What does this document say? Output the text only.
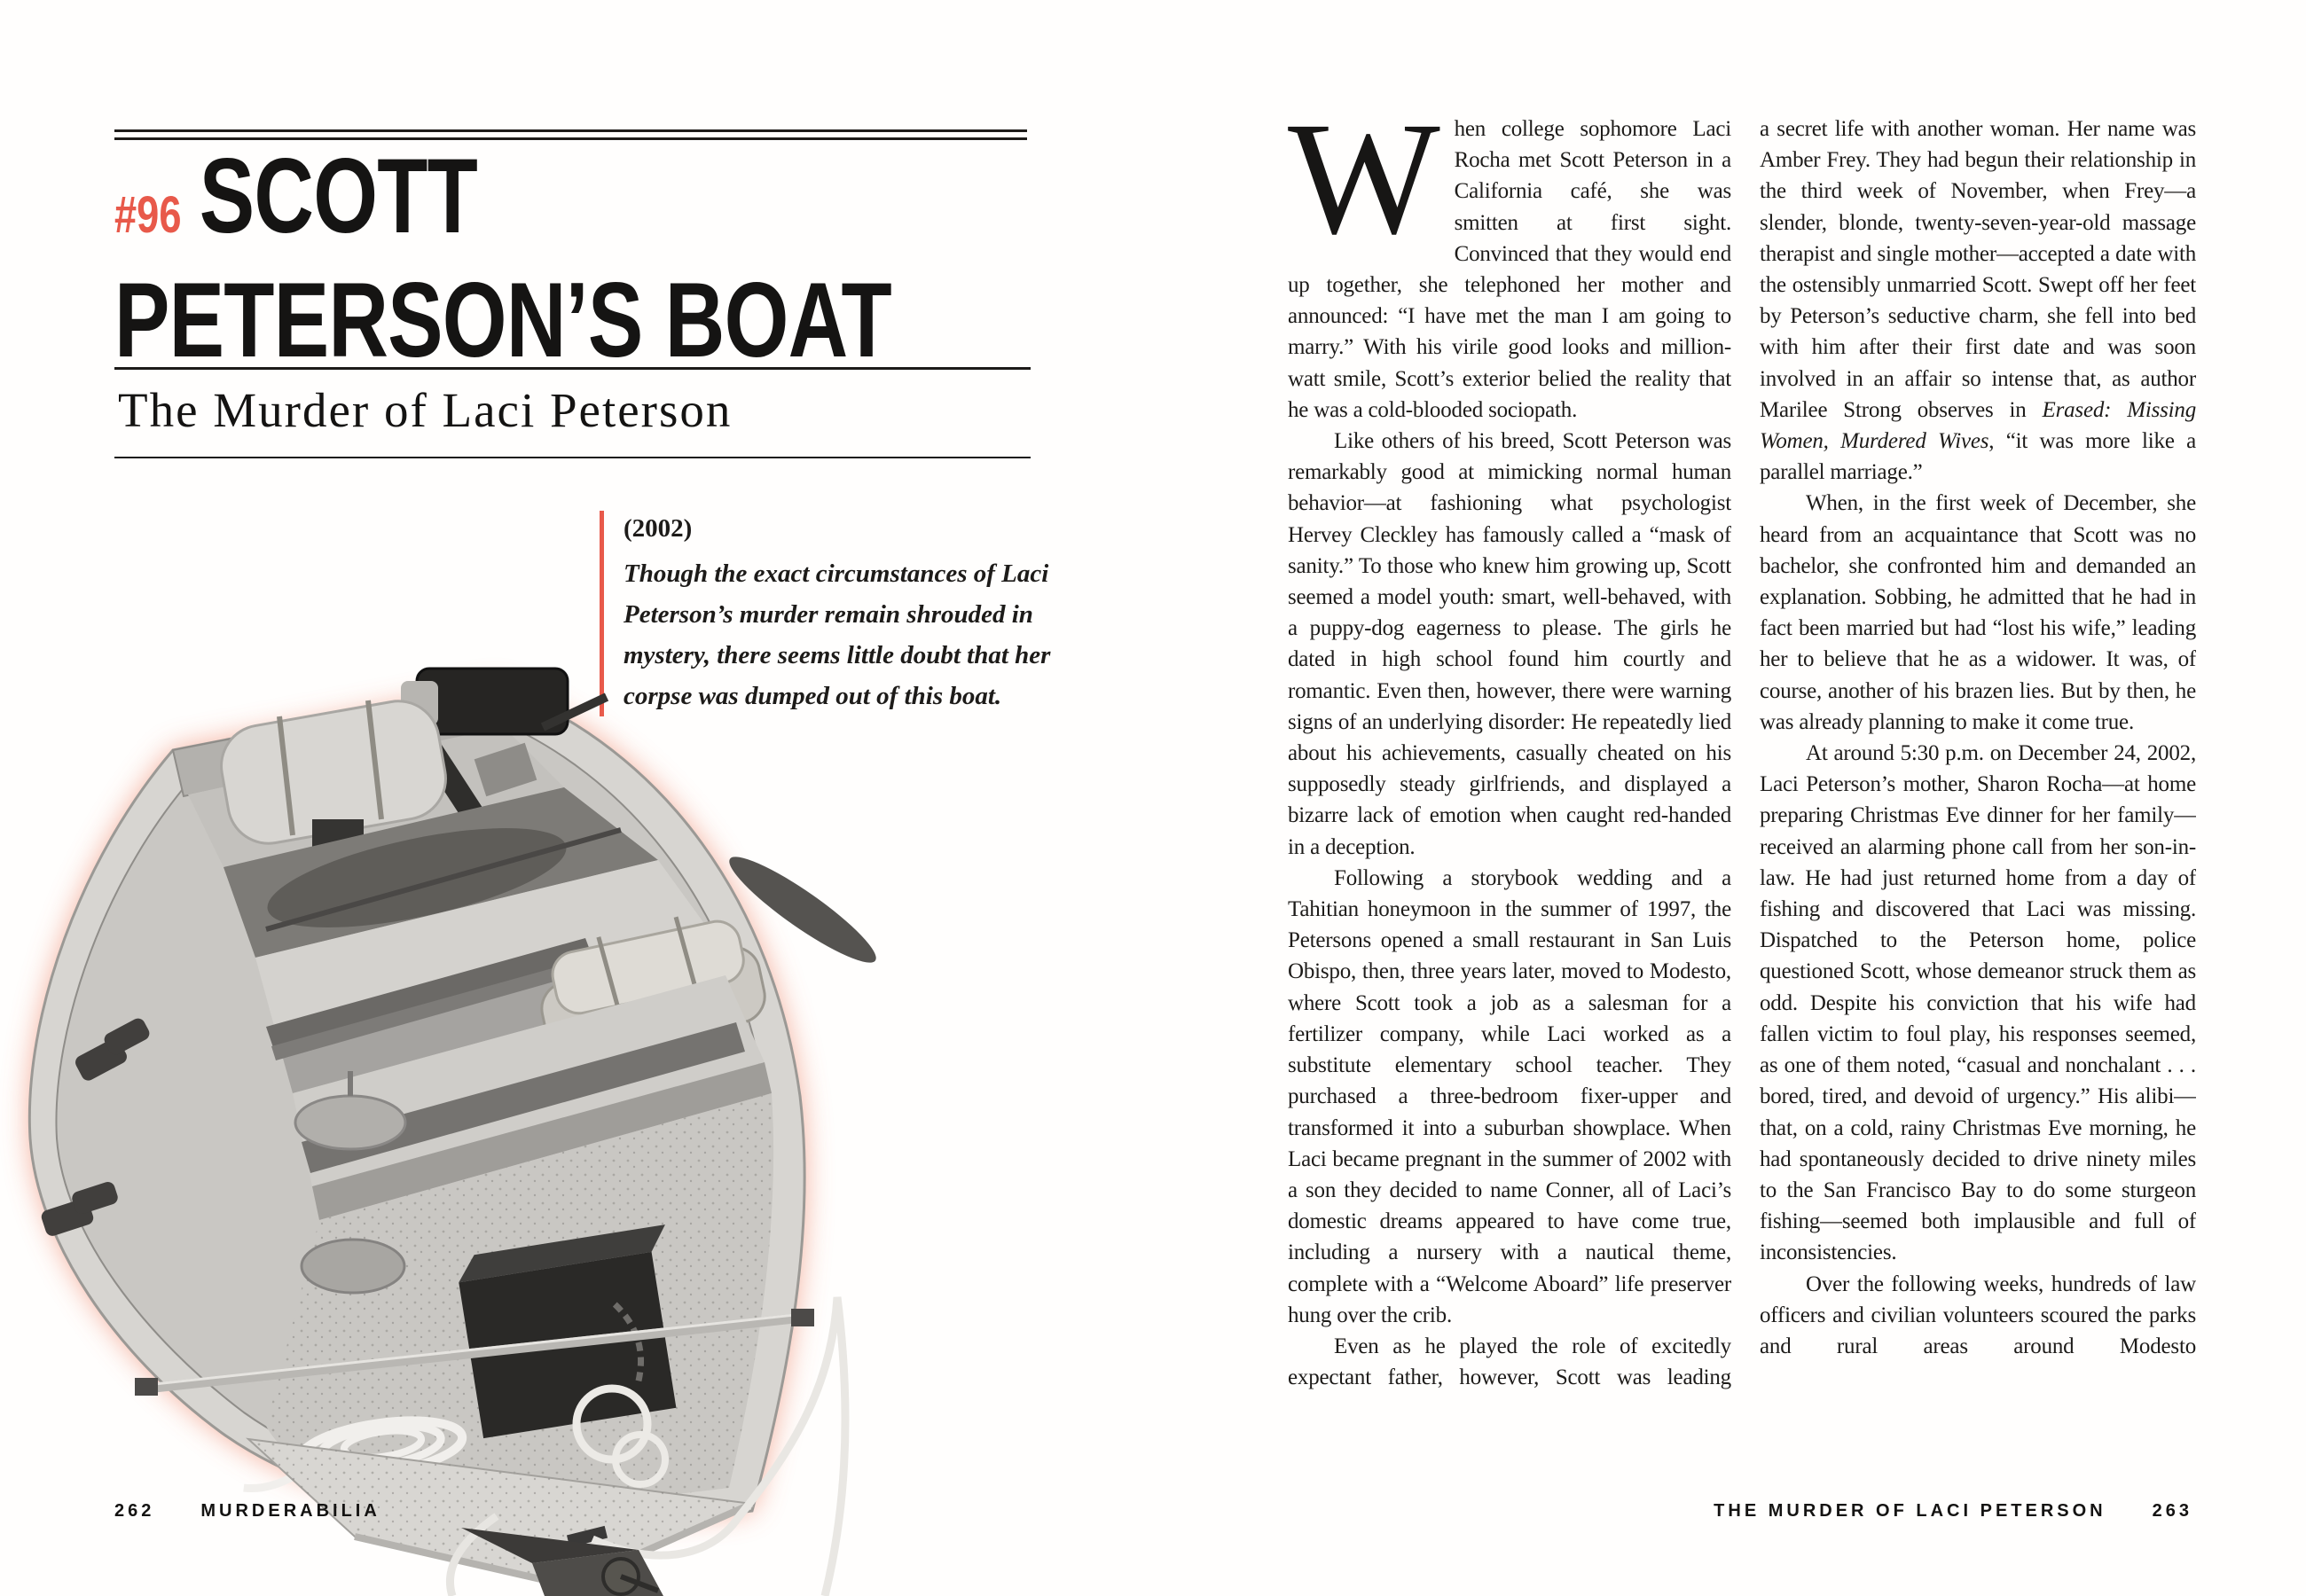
#96 SCOTT
PETERSON’S BOAT
The Murder of Laci Peterson

(2002)

Though the exact circumstances of Laci Peterson’s murder remain shrouded in mystery, there seems little doubt that her corpse was dumped out of this boat.

262	MURDERABILIA

When college sophomore Laci Rocha met Scott Peterson in a California café, she was smitten at first sight. Convinced that they would end up together, she telephoned her mother and announced: “I have met the man I am going to marry.” With his virile good looks and million-watt smile, Scott’s exterior belied the reality that he was a cold-blooded sociopath.

Like others of his breed, Scott Peterson was remarkably good at mimicking normal human behavior—at fashioning what psychologist Hervey Cleckley has famously called a “mask of sanity.” To those who knew him growing up, Scott seemed a model youth: smart, well-behaved, with a puppy-dog eagerness to please. The girls he dated in high school found him courtly and romantic. Even then, however, there were warning signs of an underlying disorder: He repeatedly lied about his achievements, casually cheated on his supposedly steady girlfriends, and displayed a bizarre lack of emotion when caught red-handed in a deception.

Following a storybook wedding and a Tahitian honeymoon in the summer of 1997, the Petersons opened a small restaurant in San Luis Obispo, then, three years later, moved to Modesto, where Scott took a job as a salesman for a fertilizer company, while Laci worked as a substitute elementary school teacher. They purchased a three-bedroom fixer-upper and transformed it into a suburban showplace. When Laci became pregnant in the summer of 2002 with a son they decided to name Conner, all of Laci’s domestic dreams appeared to have come true, including a nursery with a nautical theme, complete with a “Welcome Aboard” life preserver hung over the crib.

Even as he played the role of excitedly expectant father, however, Scott was leading

a secret life with another woman. Her name was Amber Frey. They had begun their relationship in the third week of November, when Frey—a slender, blonde, twenty-seven-year-old massage therapist and single mother—accepted a date with the ostensibly unmarried Scott. Swept off her feet by Peterson’s seductive charm, she fell into bed with him after their first date and was soon involved in an affair so intense that, as author Marilee Strong observes in Erased: Missing Women, Murdered Wives, “it was more like a parallel marriage.”

When, in the first week of December, she heard from an acquaintance that Scott was no bachelor, she confronted him and demanded an explanation. Sobbing, he admitted that he had in fact been married but had “lost his wife,” leading her to believe that he as a widower. It was, of course, another of his brazen lies. But by then, he was already planning to make it come true.

At around 5:30 p.m. on December 24, 2002, Laci Peterson’s mother, Sharon Rocha—at home preparing Christmas Eve dinner for her family—received an alarming phone call from her son-in-law. He had just returned home from a day of fishing and discovered that Laci was missing. Dispatched to the Peterson home, police questioned Scott, whose demeanor struck them as odd. Despite his conviction that his wife had fallen victim to foul play, his responses seemed, as one of them noted, “casual and nonchalant . . . bored, tired, and devoid of urgency.” His alibi—that, on a cold, rainy Christmas Eve morning, he had spontaneously decided to drive ninety miles to the San Francisco Bay to do some sturgeon fishing—seemed both implausible and full of inconsistencies.

Over the following weeks, hundreds of law officers and civilian volunteers scoured the parks and rural areas around Modesto

THE MURDER OF LACI PETERSON	263
